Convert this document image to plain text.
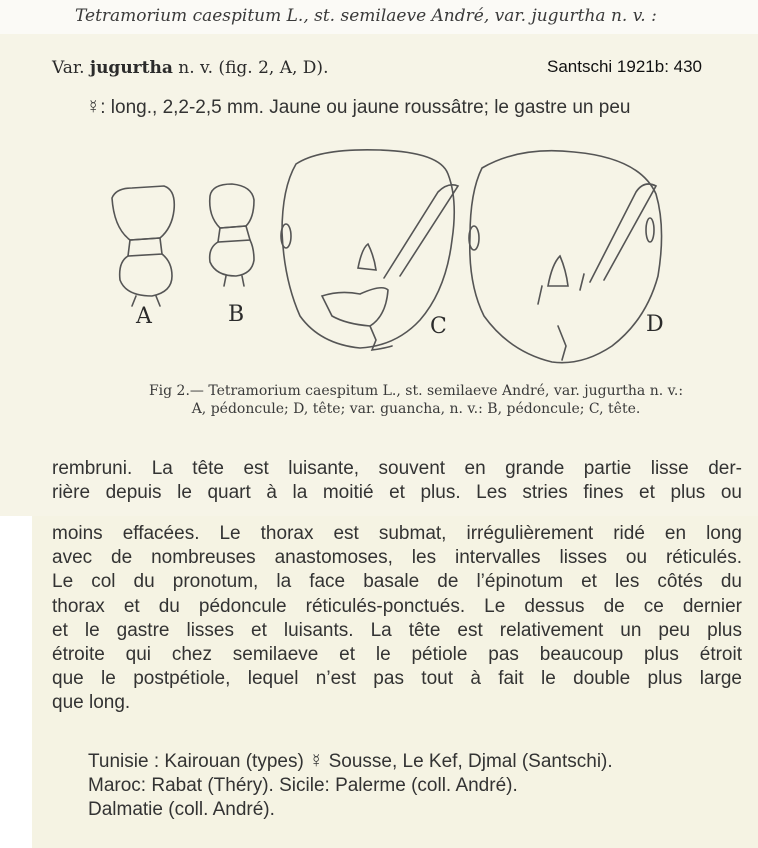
Tetramorium caespitum L., st. semilaeve André, var. jugurtha n. v. :
Var. jugurtha n. v. (fig. 2, A, D).	Santschi 1921b: 430
☿: long., 2,2-2,5 mm. Jaune ou jaune roussâtre; le gastre un peu
A	B	C	D
Fig 2.— Tetramorium caespitum L., st. semilaeve André, var. jugurtha n. v.:
A, pédoncule; D, tête; var. guancha, n. v.: B, pédoncule; C, tête.
rembruni. La tête est luisante, souvent en grande partie lisse der-
rière depuis le quart à la moitié et plus. Les stries fines et plus ou
moins effacées. Le thorax est submat, irrégulièrement ridé en long
avec de nombreuses anastomoses, les intervalles lisses ou réticulés.
Le col du pronotum, la face basale de l’épinotum et les côtés du
thorax et du pédoncule réticulés-ponctués. Le dessus de ce dernier
et le gastre lisses et luisants. La tête est relativement un peu plus
étroite qui chez semilaeve et le pétiole pas beaucoup plus étroit
que le postpétiole, lequel n’est pas tout à fait le double plus large
que long.
Tunisie : Kairouan (types) ☿ Sousse, Le Kef, Djmal (Santschi).
Maroc: Rabat (Théry). Sicile: Palerme (coll. André).
Dalmatie (coll. André).
